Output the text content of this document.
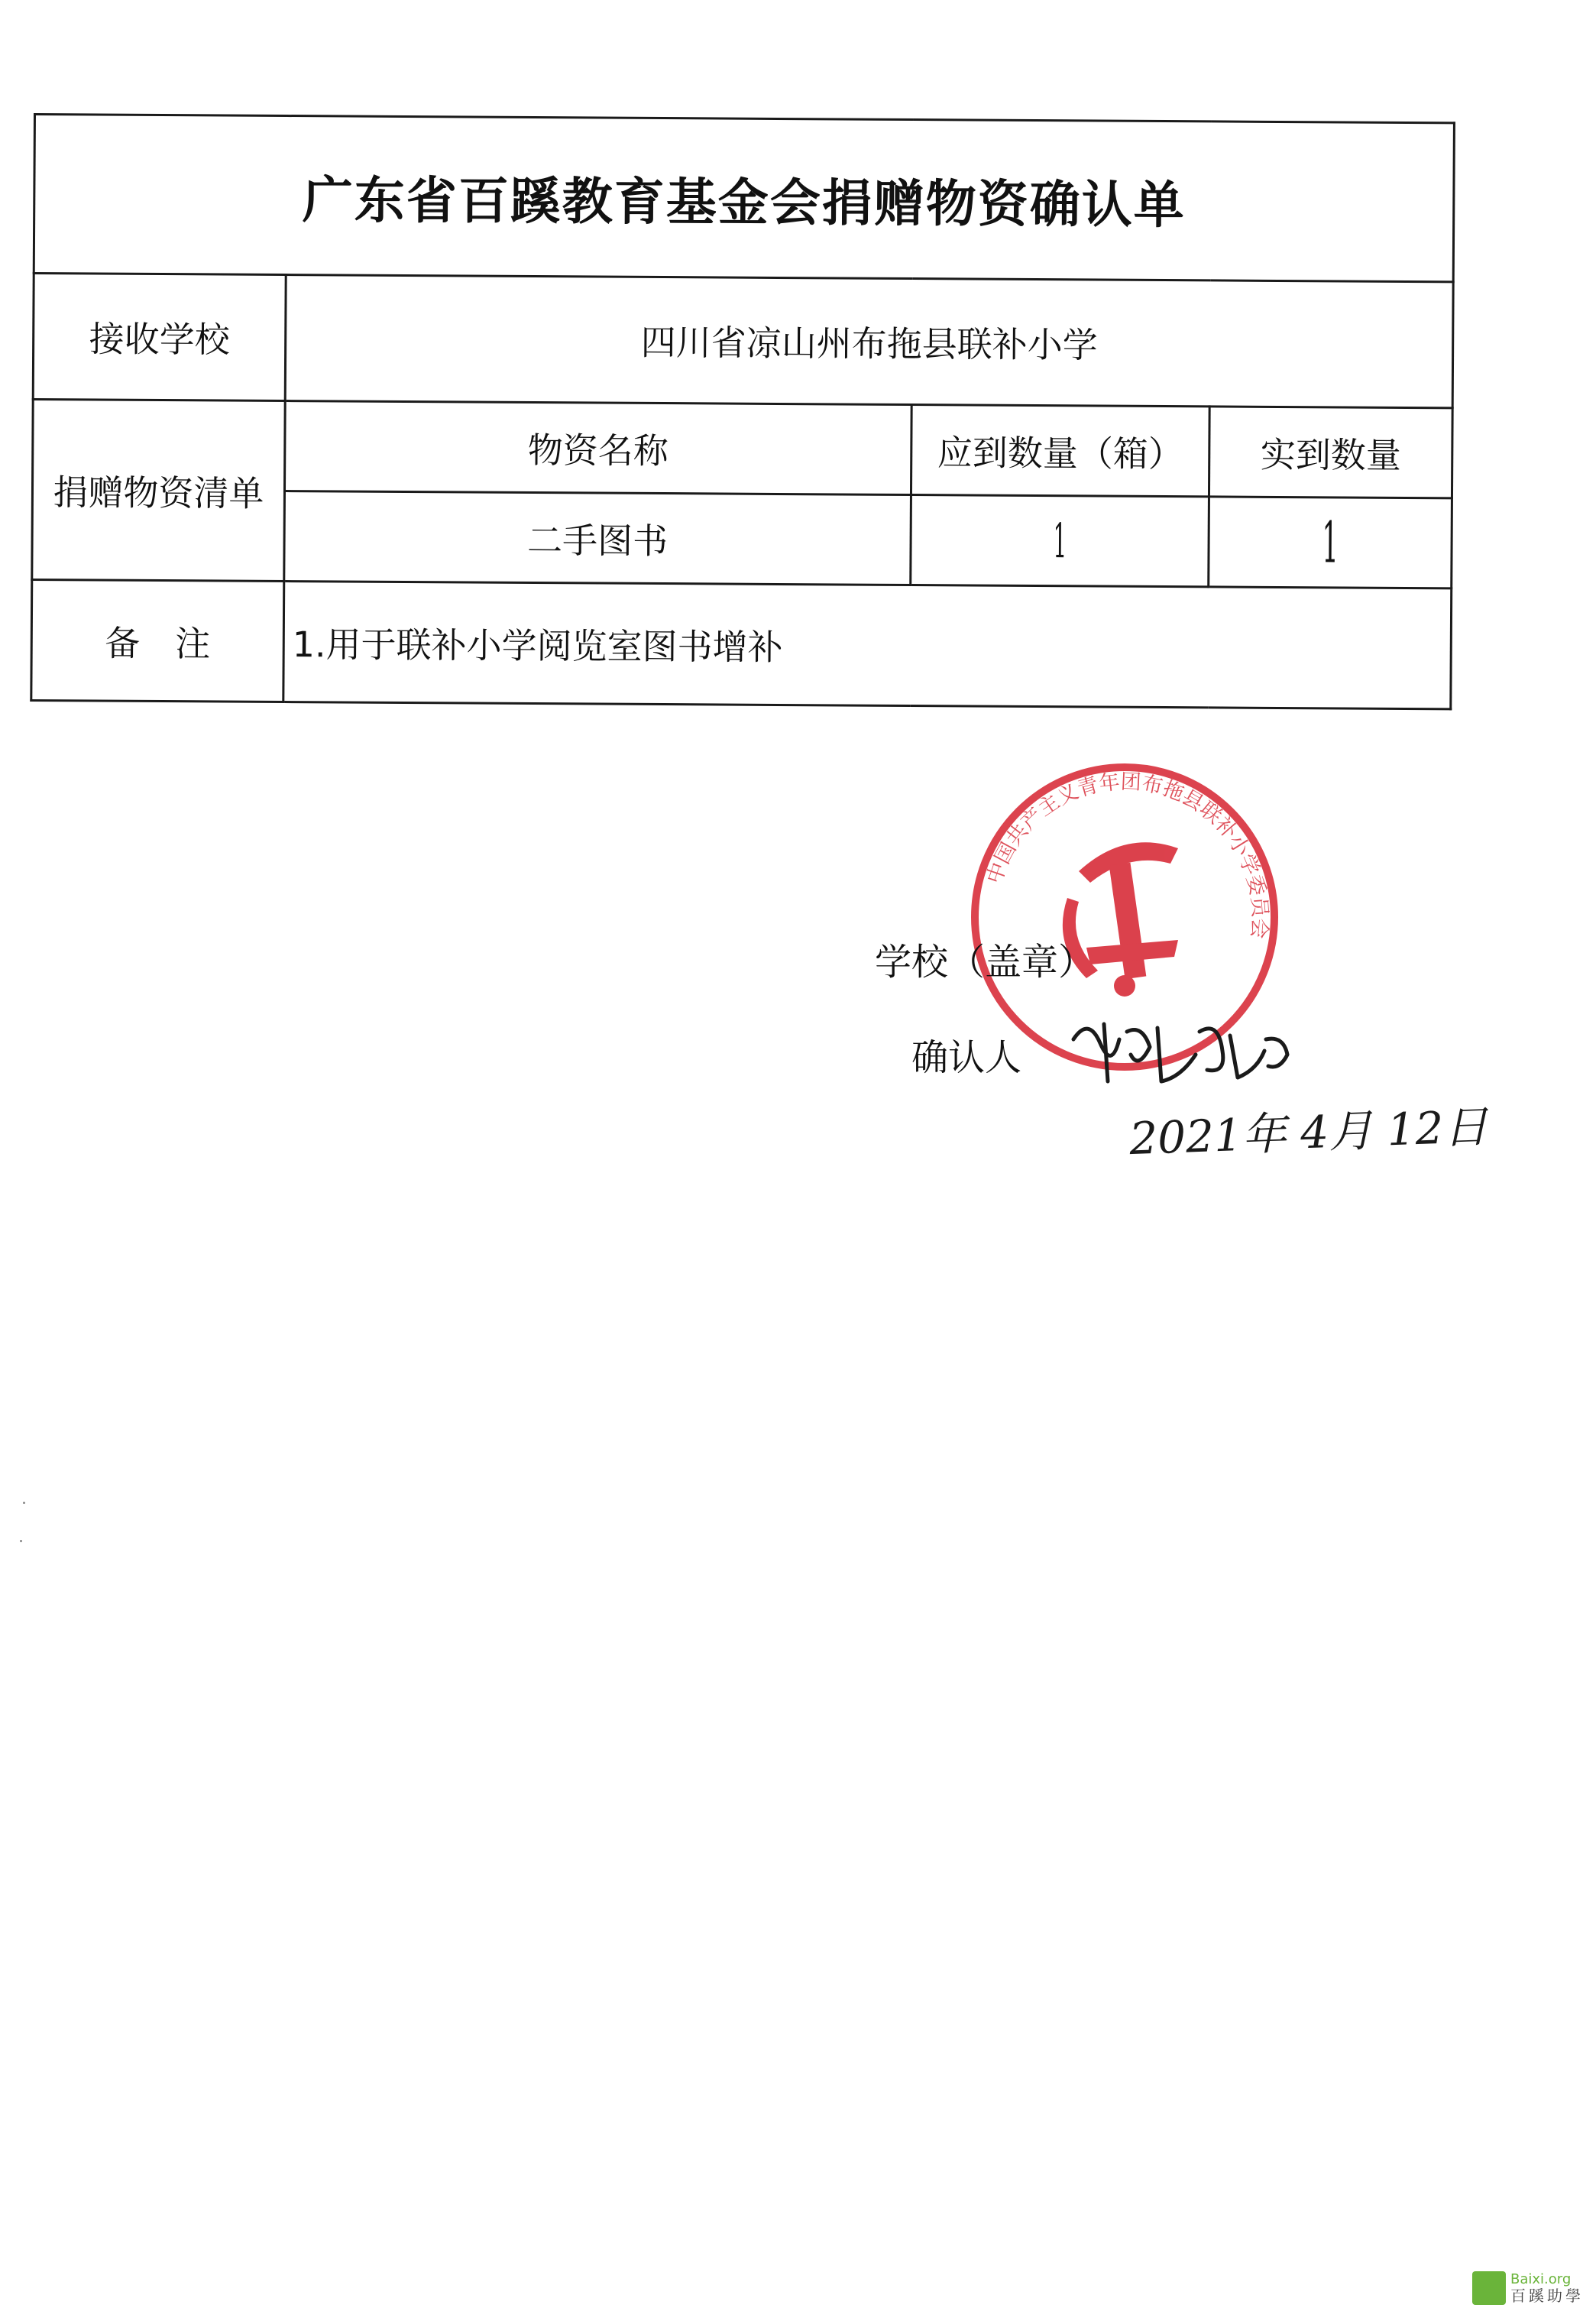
广东省百蹊教育基金会捐赠物资确认单			
接收学校	四川省凉山州布拖县联补小学		
捐赠物资清单	物资名称	应到数量（箱）	实到数量
	二手图书	1	1
备　注	1.用于联补小学阅览室图书增补		
中国共产主义青年团布拖县联补小学委员会
学校（盖章）
确认人
2021年 4月 12日
Baixi.org
百蹊助學
